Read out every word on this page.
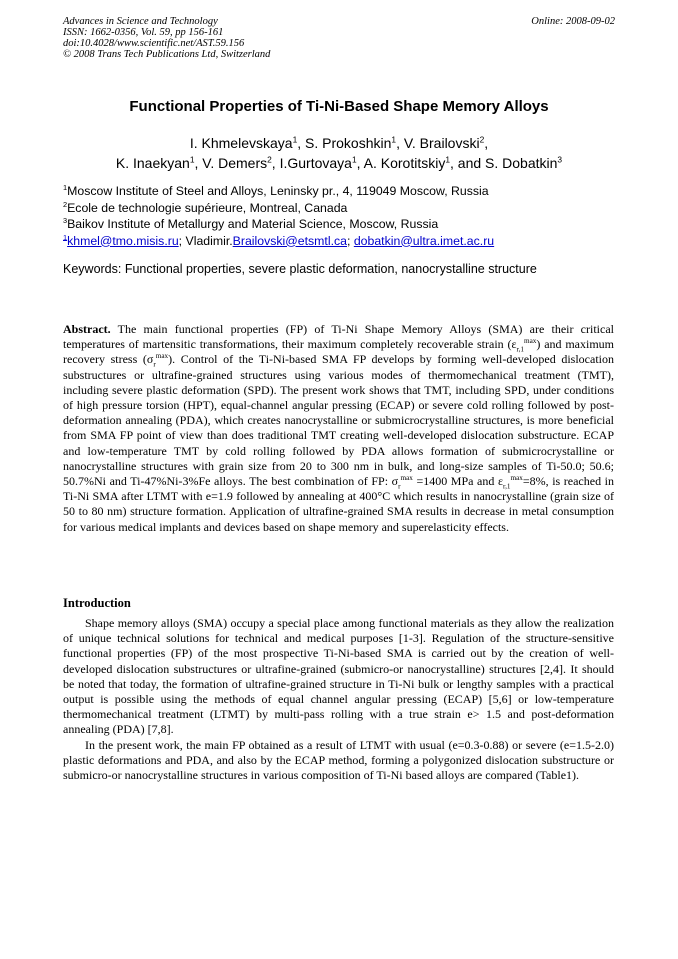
Advances in Science and Technology
ISSN: 1662-0356, Vol. 59, pp 156-161
doi:10.4028/www.scientific.net/AST.59.156
© 2008 Trans Tech Publications Ltd, Switzerland
Online: 2008-09-02
Functional Properties of Ti-Ni-Based Shape Memory Alloys
I. Khmelevskaya$^1$, S. Prokoshkin$^1$, V. Brailovski$^2$,
K. Inaekyan$^1$, V. Demers$^2$, I.Gurtovaya$^1$, A. Korotitskiy$^1$, and S. Dobatkin$^3$
$^1$Moscow Institute of Steel and Alloys, Leninsky pr., 4, 119049 Moscow, Russia
$^2$Ecole de technologie supérieure, Montreal, Canada
$^3$Baikov Institute of Metallurgy and Material Science, Moscow, Russia
$^1$khmel@tmo.misis.ru; Vladimir.Brailovski@etsmtl.ca; dobatkin@ultra.imet.ac.ru
Keywords: Functional properties, severe plastic deformation, nanocrystalline structure
Abstract. The main functional properties (FP) of Ti-Ni Shape Memory Alloys (SMA) are their critical temperatures of martensitic transformations, their maximum completely recoverable strain $(\varepsilon_{r,1}^{max})$ and maximum recovery stress $(\sigma_r^{max})$. Control of the Ti-Ni-based SMA FP develops by forming well-developed dislocation substructures or ultrafine-grained structures using various modes of thermomechanical treatment (TMT), including severe plastic deformation (SPD). The present work shows that TMT, including SPD, under conditions of high pressure torsion (HPT), equal-channel angular pressing (ECAP) or severe cold rolling followed by post-deformation annealing (PDA), which creates nanocrystalline or submicrocrystalline structures, is more beneficial from SMA FP point of view than does traditional TMT creating well-developed dislocation substructure. ECAP and low-temperature TMT by cold rolling followed by PDA allows formation of submicrocrystalline or nanocrystalline structures with grain size from 20 to 300 nm in bulk, and long-size samples of Ti-50.0; 50.6; 50.7%Ni and Ti-47%Ni-3%Fe alloys. The best combination of FP: $\sigma_r^{max} =1400$ MPa and $\varepsilon_{r,1}^{max}=8\%$, is reached in Ti-Ni SMA after LTMT with e=1.9 followed by annealing at 400°C which results in nanocrystalline (grain size of 50 to 80 nm) structure formation. Application of ultrafine-grained SMA results in decrease in metal consumption for various medical implants and devices based on shape memory and superelasticity effects.
Introduction

Shape memory alloys (SMA) occupy a special place among functional materials as they allow the realization of unique technical solutions for technical and medical purposes [1-3]. Regulation of the structure-sensitive functional properties (FP) of the most prospective Ti-Ni-based SMA is carried out by the creation of well-developed dislocation substructures or ultrafine-grained (submicro-or nanocrystalline) structures [2,4]. It should be noted that today, the formation of ultrafine-grained structure in Ti-Ni bulk or lengthy samples with a practical output is possible using the methods of equal channel angular pressing (ECAP) [5,6] or low-temperature thermomechanical treatment (LTMT) by multi-pass rolling with a true strain e> 1.5 and post-deformation annealing (PDA) [7,8].

In the present work, the main FP obtained as a result of LTMT with usual (e=0.3-0.88) or severe (e=1.5-2.0) plastic deformations and PDA, and also by the ECAP method, forming a polygonized dislocation substructure or submicro-or nanocrystalline structures in various composition of Ti-Ni based alloys are compared (Table1).
